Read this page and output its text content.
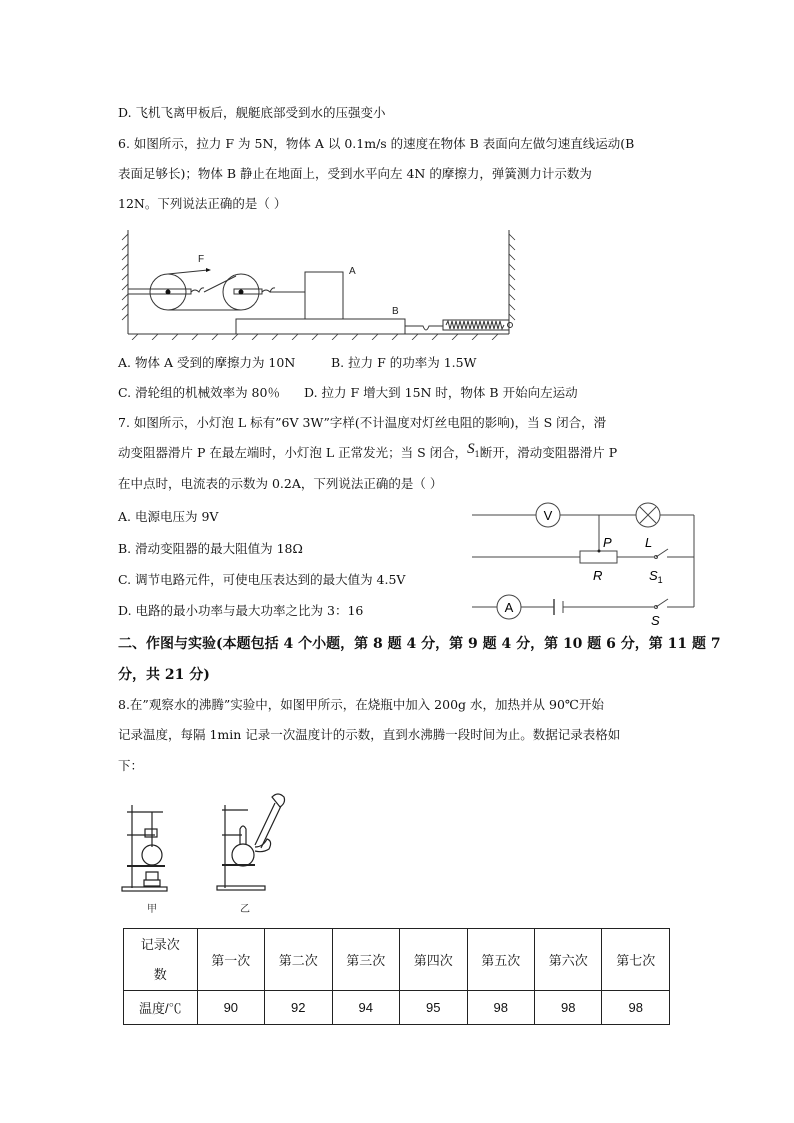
D. 飞机飞离甲板后，舰艇底部受到水的压强变小
6. 如图所示，拉力 F 为 5N，物体 A 以 0.1m/s 的速度在物体 B 表面向左做匀速直线运动(B
表面足够长)；物体 B 静止在地面上，受到水平向左 4N 的摩擦力，弹簧测力计示数为
12N。下列说法正确的是（ ）
F
A
B
A. 物体 A 受到的摩擦力为 10N	B. 拉力 F 的功率为 1.5W
C. 滑轮组的机械效率为 80％ D. 拉力 F 增大到 15N 时，物体 B 开始向左运动
7. 如图所示，小灯泡 L 标有”6V 3W”字样(不计温度对灯丝电阻的影响)，当 S 闭合，滑
动变阻器滑片 P 在最左端时，小灯泡 L 正常发光；当 S 闭合，S1断开，滑动变阻器滑片 P
在中点时，电流表的示数为 0.2A，下列说法正确的是（ ）
A. 电源电压为 9V
B. 滑动变阻器的最大阻值为 18Ω
C. 调节电路元件，可使电压表达到的最大值为 4.5V
D. 电路的最小功率与最大功率之比为 3：16
V
A
P	L
R	$S_1$
S
二、作图与实验(本题包括 4 个小题，第 8 题 4 分，第 9 题 4 分，第 10 题 6 分，第 11 题 7
分，共 21 分)
8.在”观察水的沸腾”实验中，如图甲所示，在烧瓶中加入 200g 水，加热并从 90℃开始
记录温度，每隔 1min 记录一次温度计的示数，直到水沸腾一段时间为止。数据记录表格如
下：
甲	乙
记录次
数	第一次	第二次	第三次	第四次	第五次	第六次	第七次
温度/℃	90	92	94	95	98	98	98
